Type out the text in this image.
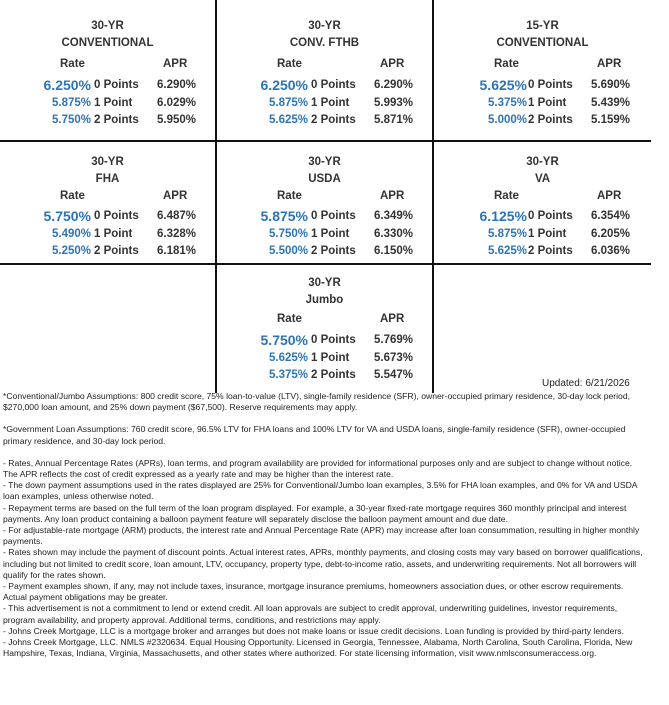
30-YR
CONVENTIONAL
Rate	APR
6.250% 0 Points 6.290%
5.875% 1 Point 6.029%
5.750% 2 Points 5.950%
30-YR
CONV. FTHB
Rate	APR
6.250% 0 Points 6.290%
5.875% 1 Point 5.993%
5.625% 2 Points 5.871%
15-YR
CONVENTIONAL
Rate	APR
5.625% 0 Points 5.690%
5.375% 1 Point 5.439%
5.000% 2 Points 5.159%
30-YR
FHA
Rate	APR
5.750% 0 Points 6.487%
5.490% 1 Point 6.328%
5.250% 2 Points 6.181%
30-YR
USDA
Rate	APR
5.875% 0 Points 6.349%
5.750% 1 Point 6.330%
5.500% 2 Points 6.150%
30-YR
VA
Rate	APR
6.125% 0 Points 6.354%
5.875% 1 Point 6.205%
5.625% 2 Points 6.036%
30-YR
Jumbo
Rate	APR
5.750% 0 Points 5.769%
5.625% 1 Point 5.673%
5.375% 2 Points 5.547%
Updated: 6/21/2026

*Conventional/Jumbo Assumptions: 800 credit score, 75% loan-to-value (LTV), single-family residence (SFR), owner-occupied primary residence, 30-day lock period, $270,000 loan amount, and 25% down payment ($67,500). Reserve requirements may apply.

*Government Loan Assumptions: 760 credit score, 96.5% LTV for FHA loans and 100% LTV for VA and USDA loans, single-family residence (SFR), owner-occupied primary residence, and 30-day lock period.

- Rates, Annual Percentage Rates (APRs), loan terms, and program availability are provided for informational purposes only and are subject to change without notice. The APR reflects the cost of credit expressed as a yearly rate and may be higher than the interest rate.

- The down payment assumptions used in the rates displayed are 25% for Conventional/Jumbo loan examples, 3.5% for FHA loan examples, and 0% for VA and USDA loan examples, unless otherwise noted.

- Repayment terms are based on the full term of the loan program displayed. For example, a 30-year fixed-rate mortgage requires 360 monthly principal and interest payments. Any loan product containing a balloon payment feature will separately disclose the balloon payment amount and due date.

- For adjustable-rate mortgage (ARM) products, the interest rate and Annual Percentage Rate (APR) may increase after loan consummation, resulting in higher monthly payments.

- Rates shown may include the payment of discount points. Actual interest rates, APRs, monthly payments, and closing costs may vary based on borrower qualifications, including but not limited to credit score, loan amount, LTV, occupancy, property type, debt-to-income ratio, assets, and underwriting requirements. Not all borrowers will qualify for the rates shown.

- Payment examples shown, if any, may not include taxes, insurance, mortgage insurance premiums, homeowners association dues, or other escrow requirements. Actual payment obligations may be greater.

- This advertisement is not a commitment to lend or extend credit. All loan approvals are subject to credit approval, underwriting guidelines, investor requirements, program availability, and property approval. Additional terms, conditions, and restrictions may apply.

- Johns Creek Mortgage, LLC is a mortgage broker and arranges but does not make loans or issue credit decisions. Loan funding is provided by third-party lenders.

- Johns Creek Mortgage, LLC. NMLS #2320634. Equal Housing Opportunity. Licensed in Georgia, Tennessee, Alabama, North Carolina, South Carolina, Florida, New Hampshire, Texas, Indiana, Virginia, Massachusetts, and other states where authorized. For state licensing information, visit www.nmlsconsumeraccess.org.
